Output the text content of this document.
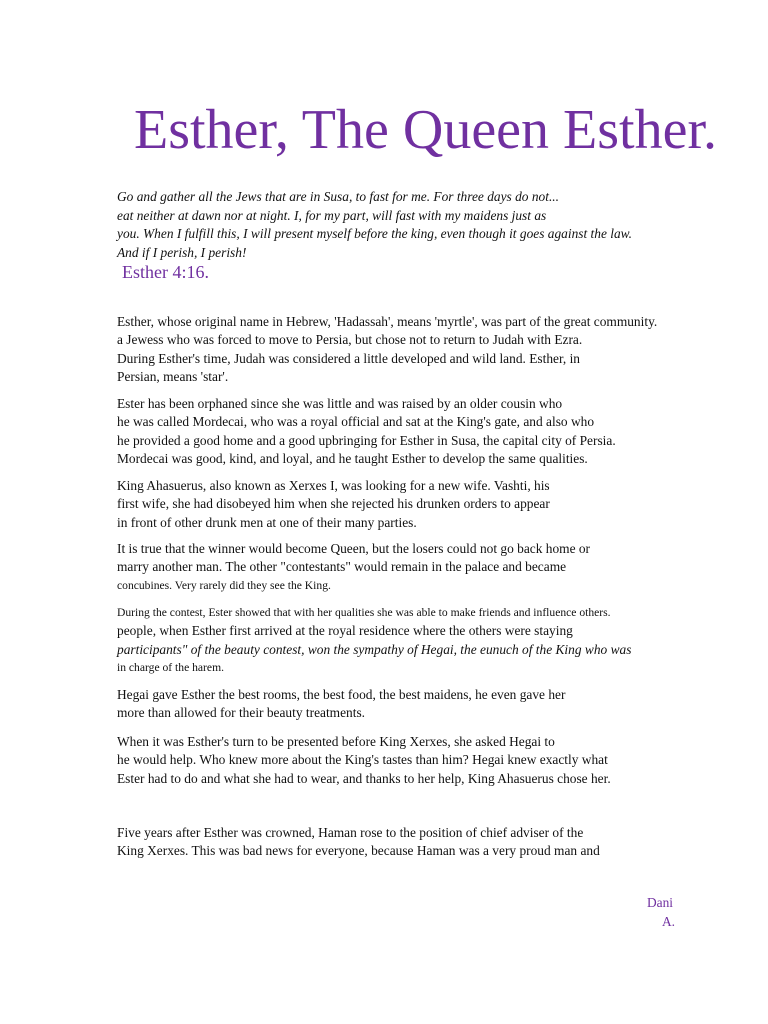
Esther, The Queen Esther.
Go and gather all the Jews that are in Susa, to fast for me. For three days do not...
eat neither at dawn nor at night. I, for my part, will fast with my maidens just as
you. When I fulfill this, I will present myself before the king, even though it goes against the law.
And if I perish, I perish!
Esther 4:16.
Esther, whose original name in Hebrew, 'Hadassah', means 'myrtle', was part of the great community.
a Jewess who was forced to move to Persia, but chose not to return to Judah with Ezra.
During Esther's time, Judah was considered a little developed and wild land. Esther, in
Persian, means 'star'.
Ester has been orphaned since she was little and was raised by an older cousin who
he was called Mordecai, who was a royal official and sat at the King's gate, and also who
he provided a good home and a good upbringing for Esther in Susa, the capital city of Persia.
Mordecai was good, kind, and loyal, and he taught Esther to develop the same qualities.
King Ahasuerus, also known as Xerxes I, was looking for a new wife. Vashti, his
first wife, she had disobeyed him when she rejected his drunken orders to appear
in front of other drunk men at one of their many parties.
It is true that the winner would become Queen, but the losers could not go back home or
marry another man. The other "contestants" would remain in the palace and became
concubines. Very rarely did they see the King.
During the contest, Ester showed that with her qualities she was able to make friends and influence others.
people, when Esther first arrived at the royal residence where the others were staying
participants" of the beauty contest, won the sympathy of Hegai, the eunuch of the King who was
in charge of the harem.
Hegai gave Esther the best rooms, the best food, the best maidens, he even gave her
more than allowed for their beauty treatments.
When it was Esther's turn to be presented before King Xerxes, she asked Hegai to
he would help. Who knew more about the King's tastes than him? Hegai knew exactly what
Ester had to do and what she had to wear, and thanks to her help, King Ahasuerus chose her.
Five years after Esther was crowned, Haman rose to the position of chief adviser of the
King Xerxes. This was bad news for everyone, because Haman was a very proud man and
Dani
A.
